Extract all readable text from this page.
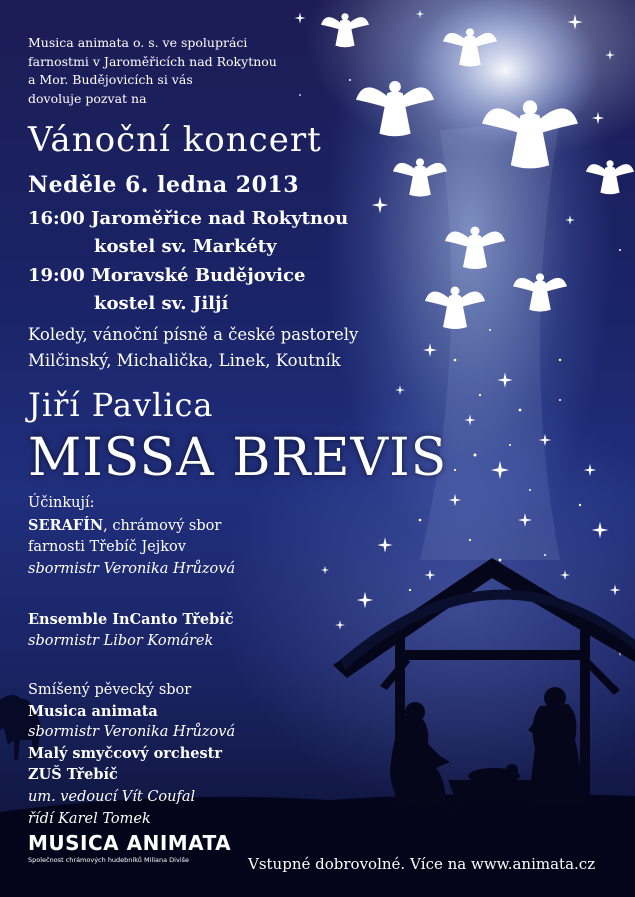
Musica animata o. s. ve spolupráci
farnostmi v Jaroměřicích nad Rokytnou
a Mor. Budějovicích si vás
dovoluje pozvat na
Vánoční koncert
Neděle 6. ledna 2013
16:00 Jaroměřice nad Rokytnou
kostel sv. Markéty
19:00 Moravské Budějovice
kostel sv. Jiljí
Koledy, vánoční písně a české pastorely
Milčinský, Michalička, Linek, Koutník
Jiří Pavlica
MISSA BREVIS
Účinkují:
SERAFÍN, chrámový sbor
farnosti Třebíč Jejkov
sbormistr Veronika Hrůzová
Ensemble InCanto Třebíč
sbormistr Libor Komárek
Smíšený pěvecký sbor
Musica animata
sbormistr Veronika Hrůzová
Malý smyčcový orchestr
ZUŠ Třebíč
um. vedoucí Vít Coufal
řídí Karel Tomek
MUSICA ANIMATA
Společnost chrámových hudebníků Miliana Diviše	Vstupné dobrovolné. Více na www.animata.cz
